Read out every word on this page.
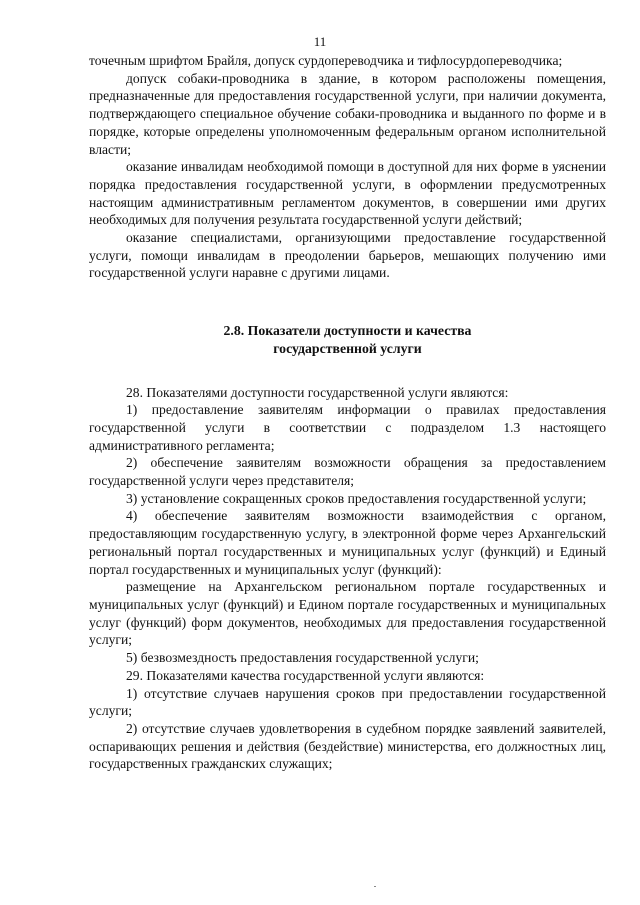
11

точечным шрифтом Брайля, допуск сурдопереводчика и тифлосурдопереводчика;

допуск собаки-проводника в здание, в котором расположены помещения, предназначенные для предоставления государственной услуги, при наличии документа, подтверждающего специальное обучение собаки-проводника и выданного по форме и в порядке, которые определены уполномоченным федеральным органом исполнительной власти;

оказание инвалидам необходимой помощи в доступной для них форме в уяснении порядка предоставления государственной услуги, в оформлении предусмотренных настоящим административным регламентом документов, в совершении ими других необходимых для получения результата государственной услуги действий;

оказание специалистами, организующими предоставление государственной услуги, помощи инвалидам в преодолении барьеров, мешающих получению ими государственной услуги наравне с другими лицами.

2.8. Показатели доступности и качества
государственной услуги

28. Показателями доступности государственной услуги являются:

1) предоставление заявителям информации о правилах предоставления государственной услуги в соответствии с подразделом 1.3 настоящего административного регламента;

2) обеспечение заявителям возможности обращения за предоставлением государственной услуги через представителя;

3) установление сокращенных сроков предоставления государственной услуги;

4) обеспечение заявителям возможности взаимодействия с органом, предоставляющим государственную услугу, в электронной форме через Архангельский региональный портал государственных и муниципальных услуг (функций) и Единый портал государственных и муниципальных услуг (функций):

размещение на Архангельском региональном портале государственных и муниципальных услуг (функций) и Едином портале государственных и муниципальных услуг (функций) форм документов, необходимых для предоставления государственной услуги;

5) безвозмездность предоставления государственной услуги;

29. Показателями качества государственной услуги являются:

1) отсутствие случаев нарушения сроков при предоставлении государственной услуги;

2) отсутствие случаев удовлетворения в судебном порядке заявлений заявителей, оспаривающих решения и действия (бездействие) министерства, его должностных лиц, государственных гражданских служащих;
